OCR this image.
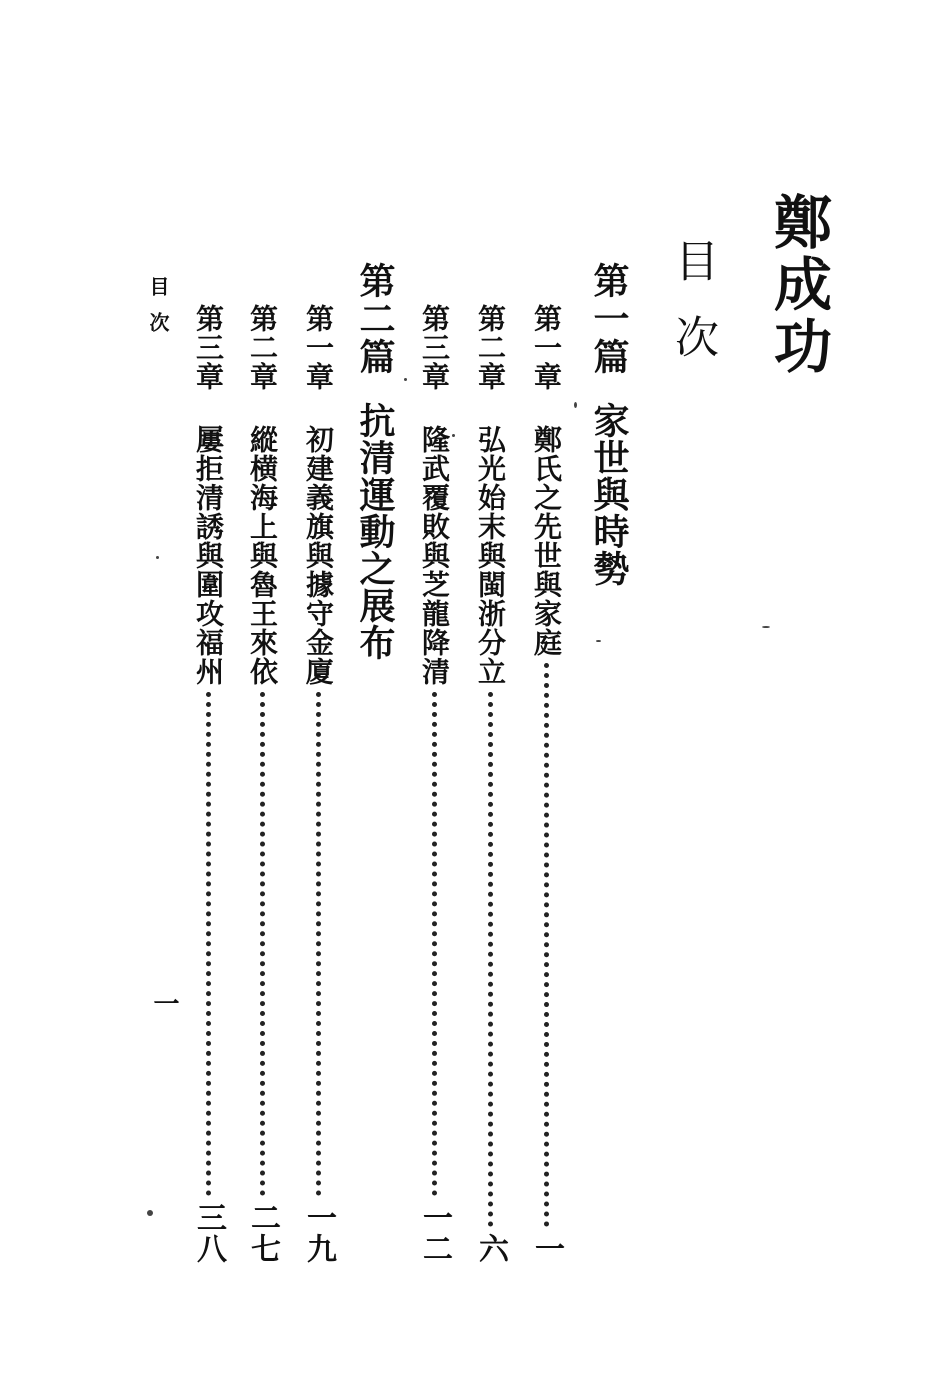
鄭成功
目次
第一篇家世與時勢
第一章
鄭氏之先世與家庭
一
第二章
弘光始末與閩浙分立
六
第三章
隆武覆敗與芝龍降清
一二
第二篇抗清運動之展布
第一章
初建義旗與據守金廈
一九
第二章
縱横海上與魯王來依
二七
第三章
屢拒清誘與圍攻福州
三八
目次
一
